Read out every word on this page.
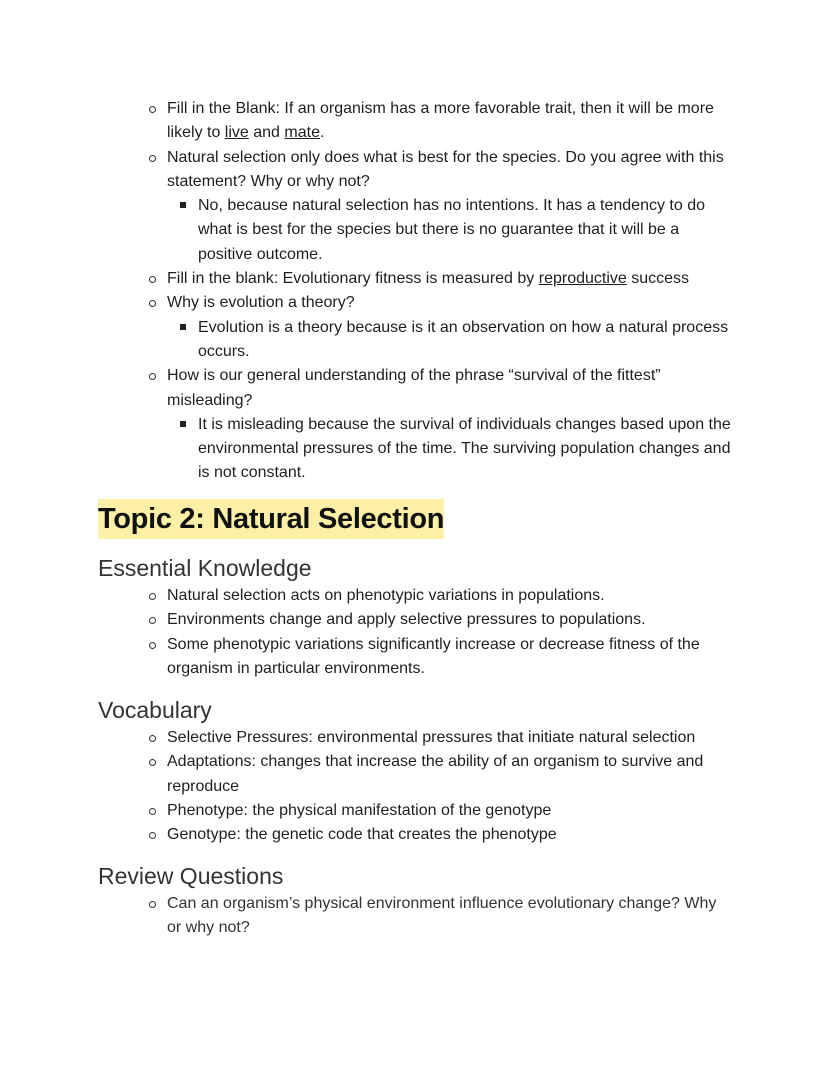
Fill in the Blank: If an organism has a more favorable trait, then it will be more likely to live and mate.
Natural selection only does what is best for the species. Do you agree with this statement? Why or why not?
No, because natural selection has no intentions. It has a tendency to do what is best for the species but there is no guarantee that it will be a positive outcome.
Fill in the blank: Evolutionary fitness is measured by reproductive success
Why is evolution a theory?
Evolution is a theory because is it an observation on how a natural process occurs.
How is our general understanding of the phrase “survival of the fittest” misleading?
It is misleading because the survival of individuals changes based upon the environmental pressures of the time. The surviving population changes and is not constant.
Topic 2: Natural Selection
Essential Knowledge
Natural selection acts on phenotypic variations in populations.
Environments change and apply selective pressures to populations.
Some phenotypic variations significantly increase or decrease fitness of the organism in particular environments.
Vocabulary
Selective Pressures: environmental pressures that initiate natural selection
Adaptations: changes that increase the ability of an organism to survive and reproduce
Phenotype: the physical manifestation of the genotype
Genotype: the genetic code that creates the phenotype
Review Questions
Can an organism’s physical environment influence evolutionary change? Why or why not?
